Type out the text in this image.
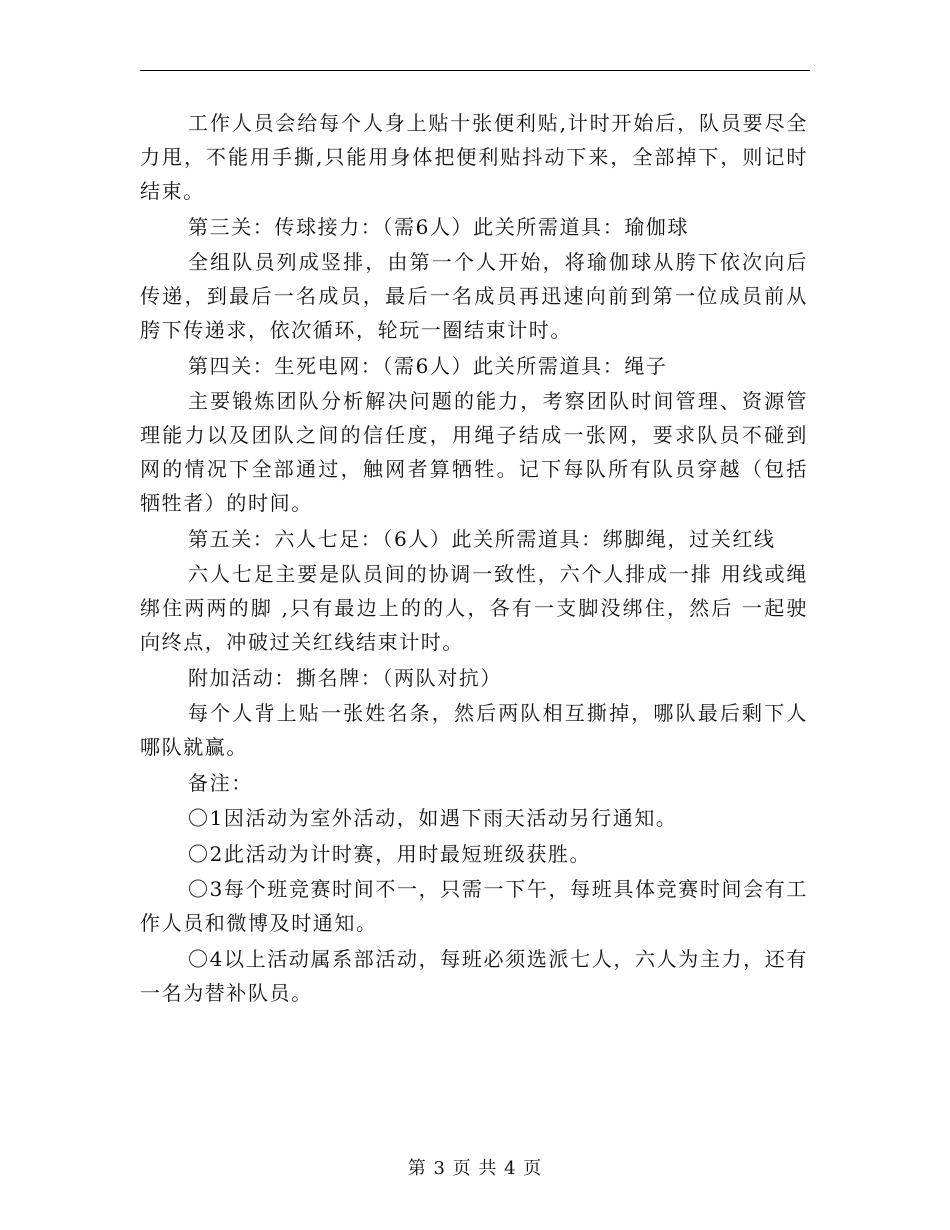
工作人员会给每个人身上贴十张便利贴,计时开始后，队员要尽全力甩，不能用手撕,只能用身体把便利贴抖动下来，全部掉下，则记时结束。

第三关：传球接力：（需6人）此关所需道具：瑜伽球

全组队员列成竖排，由第一个人开始，将瑜伽球从胯下依次向后传递，到最后一名成员，最后一名成员再迅速向前到第一位成员前从胯下传递求，依次循环，轮玩一圈结束计时。

第四关：生死电网：（需6人）此关所需道具：绳子

主要锻炼团队分析解决问题的能力，考察团队时间管理、资源管理能力以及团队之间的信任度，用绳子结成一张网，要求队员不碰到网的情况下全部通过，触网者算牺牲。记下每队所有队员穿越（包括牺牲者）的时间。

第五关：六人七足：（6人）此关所需道具：绑脚绳，过关红线

六人七足主要是队员间的协调一致性，六个人排成一排 用线或绳绑住两两的脚 ,只有最边上的的人，各有一支脚没绑住，然后 一起驶向终点，冲破过关红线结束计时。

附加活动：撕名牌：（两队对抗）

每个人背上贴一张姓名条，然后两队相互撕掉，哪队最后剩下人哪队就赢。

备注：

〇1因活动为室外活动，如遇下雨天活动另行通知。

〇2此活动为计时赛，用时最短班级获胜。

〇3每个班竞赛时间不一，只需一下午，每班具体竞赛时间会有工作人员和微博及时通知。

〇4以上活动属系部活动，每班必须选派七人，六人为主力，还有一名为替补队员。

第 3 页 共 4 页
